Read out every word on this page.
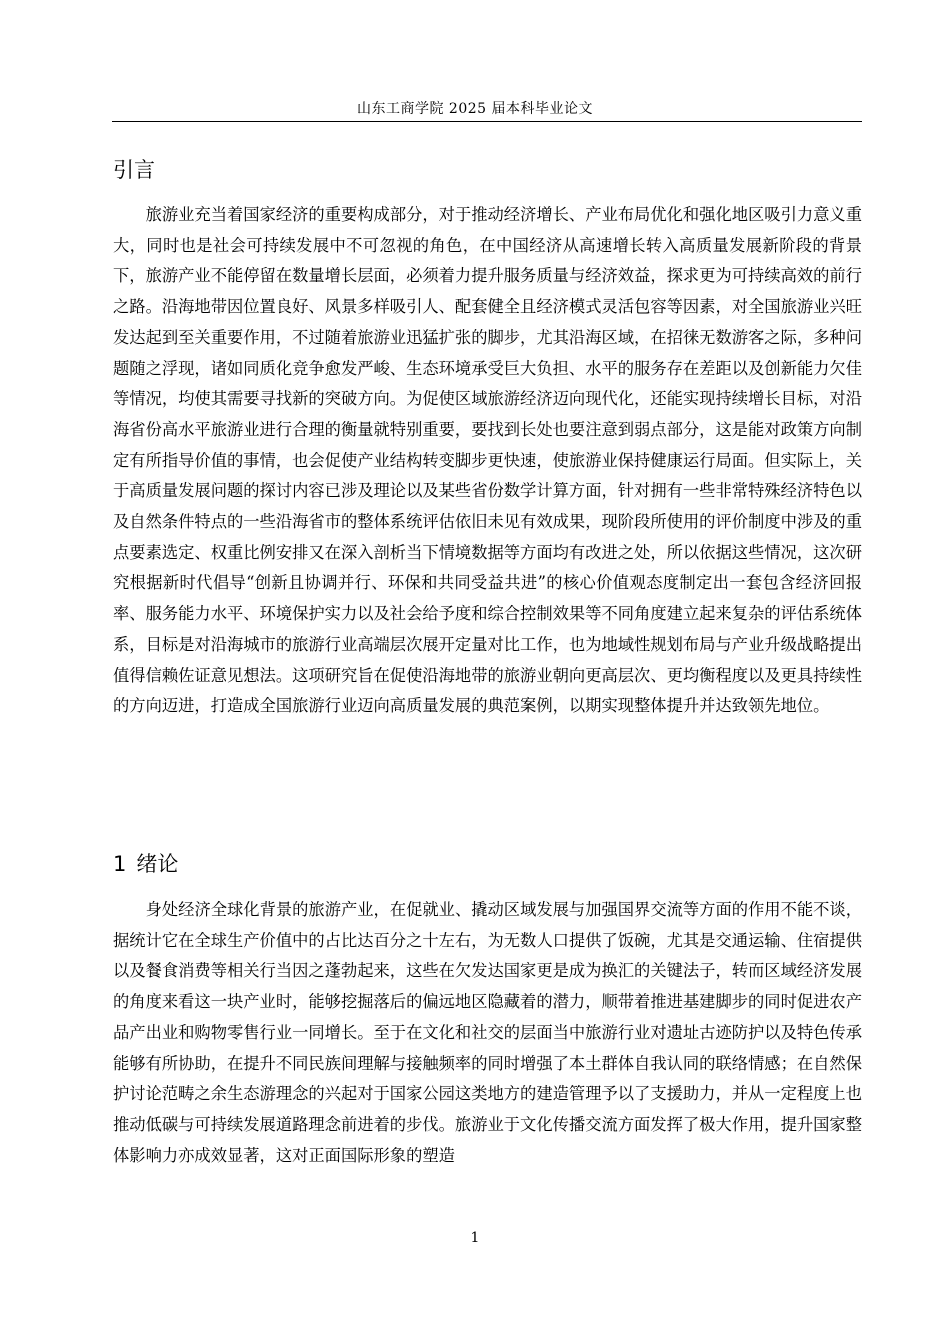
山东工商学院 2025 届本科毕业论文
引言

旅游业充当着国家经济的重要构成部分，对于推动经济增长、产业布局优化和强化地区吸引力意义重大，同时也是社会可持续发展中不可忽视的角色，在中国经济从高速增长转入高质量发展新阶段的背景下，旅游产业不能停留在数量增长层面，必须着力提升服务质量与经济效益，探求更为可持续高效的前行之路。沿海地带因位置良好、风景多样吸引人、配套健全且经济模式灵活包容等因素，对全国旅游业兴旺发达起到至关重要作用，不过随着旅游业迅猛扩张的脚步，尤其沿海区域，在招徕无数游客之际，多种问题随之浮现，诸如同质化竞争愈发严峻、生态环境承受巨大负担、水平的服务存在差距以及创新能力欠佳等情况，均使其需要寻找新的突破方向。为促使区域旅游经济迈向现代化，还能实现持续增长目标，对沿海省份高水平旅游业进行合理的衡量就特别重要，要找到长处也要注意到弱点部分，这是能对政策方向制定有所指导价值的事情，也会促使产业结构转变脚步更快速，使旅游业保持健康运行局面。但实际上，关于高质量发展问题的探讨内容已涉及理论以及某些省份数学计算方面，针对拥有一些非常特殊经济特色以及自然条件特点的一些沿海省市的整体系统评估依旧未见有效成果，现阶段所使用的评价制度中涉及的重点要素选定、权重比例安排又在深入剖析当下情境数据等方面均有改进之处，所以依据这些情况，这次研究根据新时代倡导“创新且协调并行、环保和共同受益共进”的核心价值观态度制定出一套包含经济回报率、服务能力水平、环境保护实力以及社会给予度和综合控制效果等不同角度建立起来复杂的评估系统体系，目标是对沿海城市的旅游行业高端层次展开定量对比工作，也为地域性规划布局与产业升级战略提出值得信赖佐证意见想法。这项研究旨在促使沿海地带的旅游业朝向更高层次、更均衡程度以及更具持续性的方向迈进，打造成全国旅游行业迈向高质量发展的典范案例，以期实现整体提升并达致领先地位。

1 绪论

身处经济全球化背景的旅游产业，在促就业、撬动区域发展与加强国界交流等方面的作用不能不谈，据统计它在全球生产价值中的占比达百分之十左右，为无数人口提供了饭碗，尤其是交通运输、住宿提供以及餐食消费等相关行当因之蓬勃起来，这些在欠发达国家更是成为换汇的关键法子，转而区域经济发展的角度来看这一块产业时，能够挖掘落后的偏远地区隐藏着的潜力，顺带着推进基建脚步的同时促进农产品产出业和购物零售行业一同增长。至于在文化和社交的层面当中旅游行业对遗址古迹防护以及特色传承能够有所协助，在提升不同民族间理解与接触频率的同时增强了本土群体自我认同的联络情感；在自然保护讨论范畴之余生态游理念的兴起对于国家公园这类地方的建造管理予以了支援助力，并从一定程度上也推动低碳与可持续发展道路理念前进着的步伐。旅游业于文化传播交流方面发挥了极大作用，提升国家整体影响力亦成效显著，这对正面国际形象的塑造

1
